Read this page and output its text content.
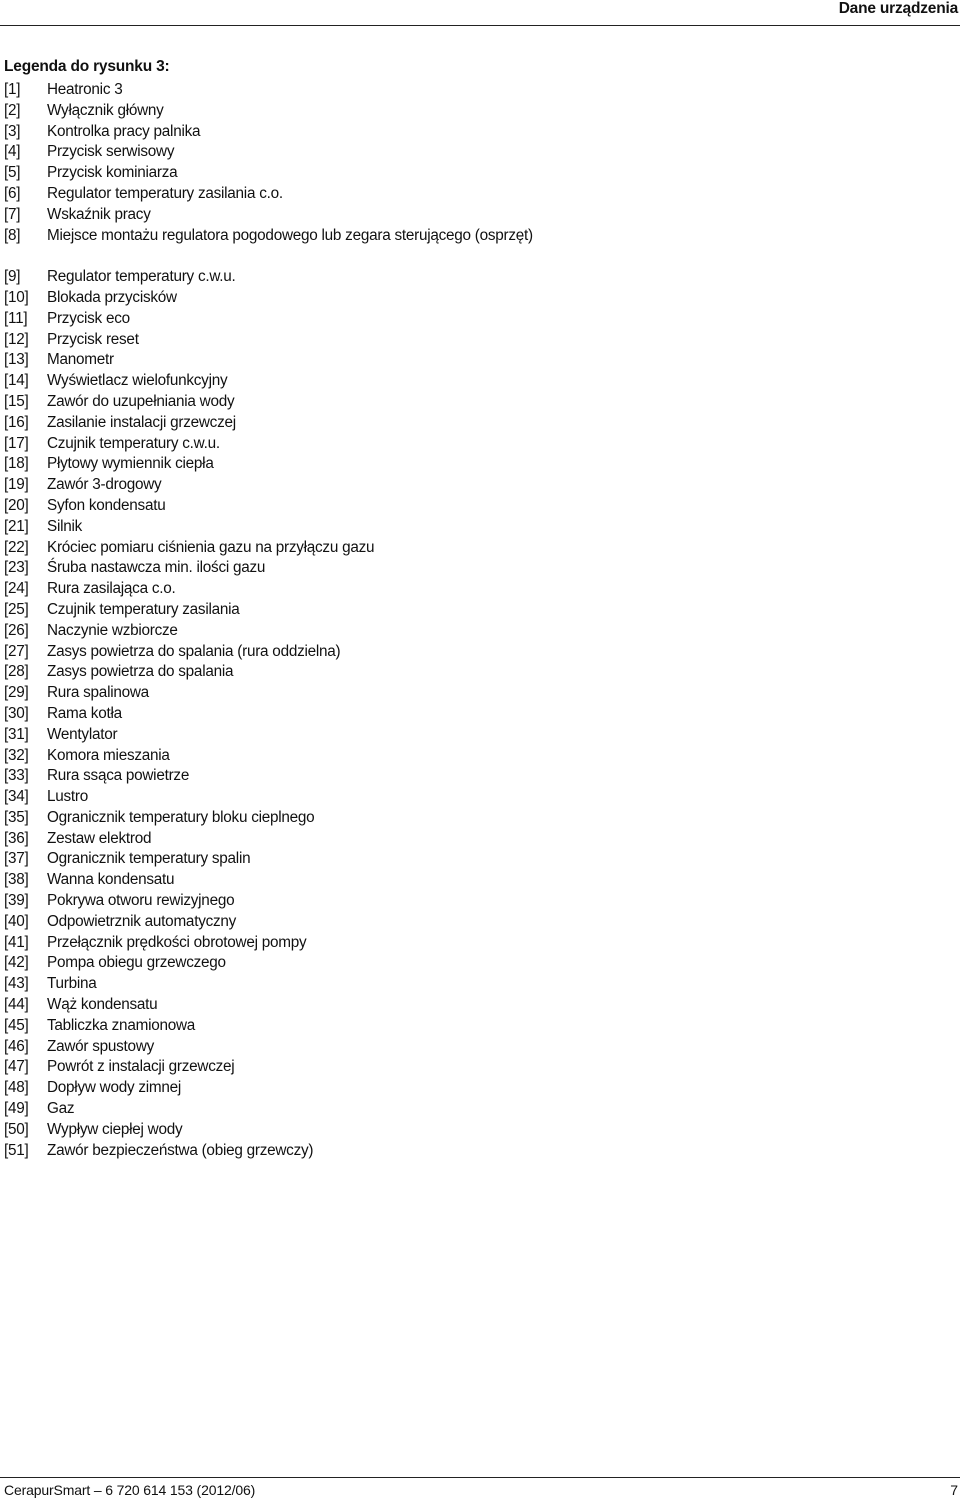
Dane urządzenia
Legenda do rysunku 3:
[1]	Heatronic 3
[2]	Wyłącznik główny
[3]	Kontrolka pracy palnika
[4]	Przycisk serwisowy
[5]	Przycisk kominiarza
[6]	Regulator temperatury zasilania c.o.
[7]	Wskaźnik pracy
[8]	Miejsce montażu regulatora pogodowego lub zegara sterującego (osprzęt)
[9]	Regulator temperatury c.w.u.
[10]	Blokada przycisków
[11]	Przycisk eco
[12]	Przycisk reset
[13]	Manometr
[14]	Wyświetlacz wielofunkcyjny
[15]	Zawór do uzupełniania wody
[16]	Zasilanie instalacji grzewczej
[17]	Czujnik temperatury c.w.u.
[18]	Płytowy wymiennik ciepła
[19]	Zawór 3-drogowy
[20]	Syfon kondensatu
[21]	Silnik
[22]	Króciec pomiaru ciśnienia gazu na przyłączu gazu
[23]	Śruba nastawcza min. ilości gazu
[24]	Rura zasilająca c.o.
[25]	Czujnik temperatury zasilania
[26]	Naczynie wzbiorcze
[27]	Zasys powietrza do spalania (rura oddzielna)
[28]	Zasys powietrza do spalania
[29]	Rura spalinowa
[30]	Rama kotła
[31]	Wentylator
[32]	Komora mieszania
[33]	Rura ssąca powietrze
[34]	Lustro
[35]	Ogranicznik temperatury bloku cieplnego
[36]	Zestaw elektrod
[37]	Ogranicznik temperatury spalin
[38]	Wanna kondensatu
[39]	Pokrywa otworu rewizyjnego
[40]	Odpowietrznik automatyczny
[41]	Przełącznik prędkości obrotowej pompy
[42]	Pompa obiegu grzewczego
[43]	Turbina
[44]	Wąż kondensatu
[45]	Tabliczka znamionowa
[46]	Zawór spustowy
[47]	Powrót z instalacji grzewczej
[48]	Dopływ wody zimnej
[49]	Gaz
[50]	Wypływ ciepłej wody
[51]	Zawór bezpieczeństwa (obieg grzewczy)
CerapurSmart – 6 720 614 153 (2012/06)	7
